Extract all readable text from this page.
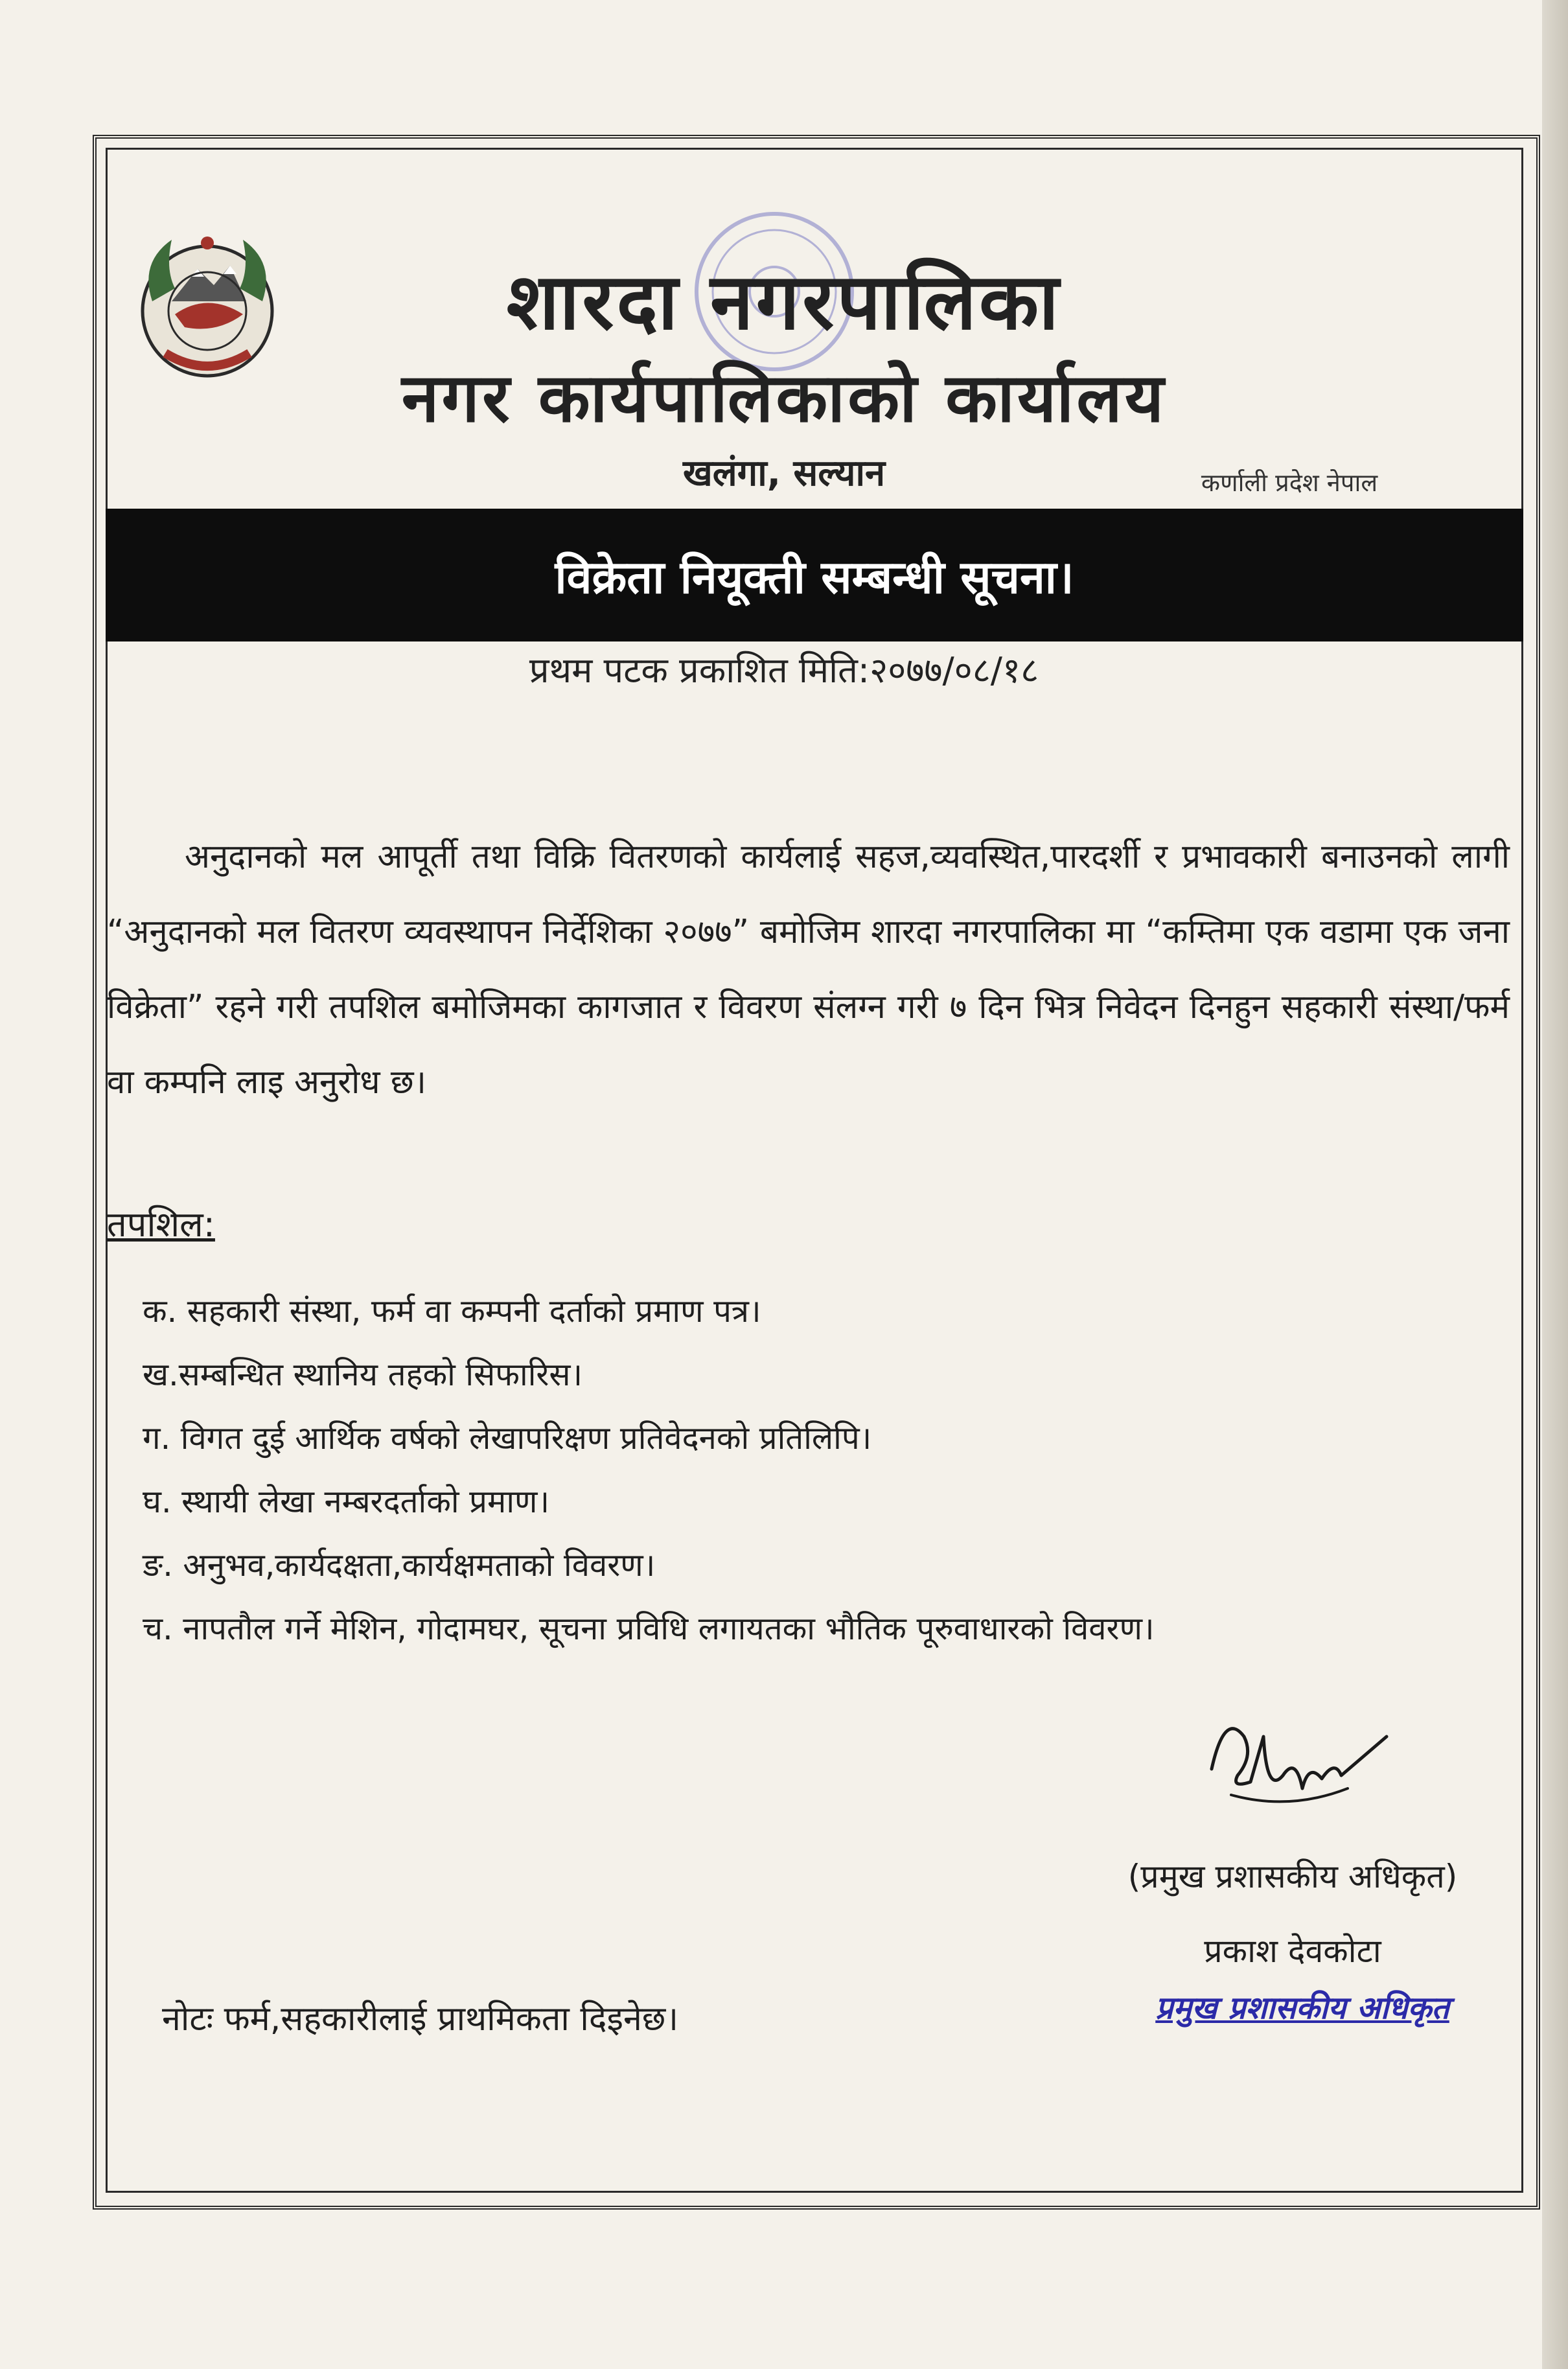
शारदा नगरपालिका
नगर कार्यपालिकाको कार्यालय
खलंगा, सल्यान	कर्णाली प्रदेश नेपाल
विक्रेता नियूक्ती सम्बन्धी सूचना।
प्रथम पटक प्रकाशित मिति:२०७७/०८/१८
अनुदानको मल आपूर्ती तथा विक्रि वितरणको कार्यलाई सहज,व्यवस्थित,पारदर्शी र प्रभावकारी बनाउनको लागी “अनुदानको मल वितरण व्यवस्थापन निर्देशिका २०७७” बमोजिम शारदा नगरपालिका मा “कम्तिमा एक वडामा एक जना विक्रेता” रहने गरी तपशिल बमोजिमका कागजात र विवरण संलग्न गरी ७ दिन भित्र निवेदन दिनहुन सहकारी संस्था/फर्म वा कम्पनि लाइ अनुरोध छ।
तपशिल:
क. सहकारी संस्था, फर्म वा कम्पनी दर्ताको प्रमाण पत्र।
ख.सम्बन्धित स्थानिय तहको सिफारिस।
ग. विगत दुई आर्थिक वर्षको लेखापरिक्षण प्रतिवेदनको प्रतिलिपि।
घ. स्थायी लेखा नम्बरदर्ताको प्रमाण।
ङ. अनुभव,कार्यदक्षता,कार्यक्षमताको विवरण।
च. नापतौल गर्ने मेशिन, गोदामघर, सूचना प्रविधि लगायतका भौतिक पूरुवाधारको विवरण।
(प्रमुख प्रशासकीय अधिकृत)
प्रकाश देवकोटा
प्रमुख प्रशासकीय अधिकृत
नोटः फर्म,सहकारीलाई प्राथमिकता दिइनेछ।
